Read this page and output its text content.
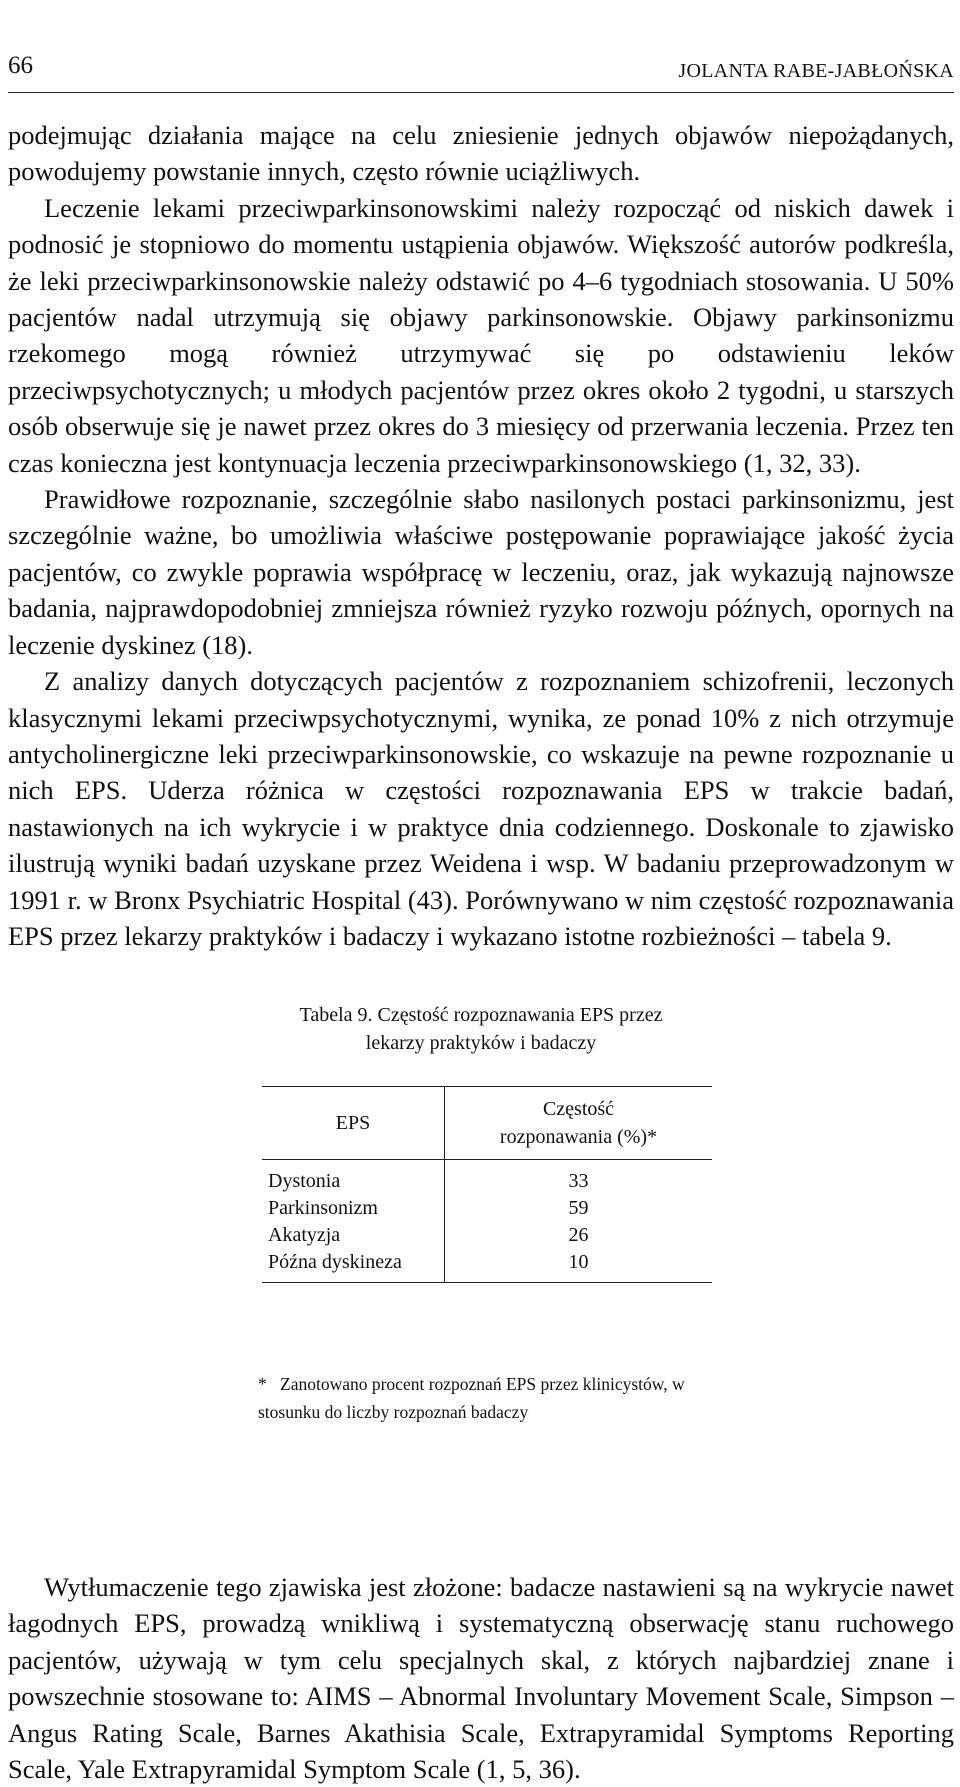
66	JOLANTA RABE-JABŁOŃSKA

podejmując działania mające na celu zniesienie jednych objawów niepożądanych, powodujemy powstanie innych, często równie uciążliwych.

Leczenie lekami przeciwparkinsonowskimi należy rozpocząć od niskich dawek i podnosić je stopniowo do momentu ustąpienia objawów. Większość autorów podkreśla, że leki przeciwparkinsonowskie należy odstawić po 4–6 tygodniach stosowania. U 50% pacjentów nadal utrzymują się objawy parkinsonowskie. Objawy parkinsonizmu rzekomego mogą również utrzymywać się po odstawieniu leków przeciwpsychotycznych; u młodych pacjentów przez okres około 2 tygodni, u starszych osób obserwuje się je nawet przez okres do 3 miesięcy od przerwania leczenia. Przez ten czas konieczna jest kontynuacja leczenia przeciwparkinsonowskiego (1, 32, 33).

Prawidłowe rozpoznanie, szczególnie słabo nasilonych postaci parkinsonizmu, jest szczególnie ważne, bo umożliwia właściwe postępowanie poprawiające jakość życia pacjentów, co zwykle poprawia współpracę w leczeniu, oraz, jak wykazują najnowsze badania, najprawdopodobniej zmniejsza również ryzyko rozwoju późnych, opornych na leczenie dyskinez (18).

Z analizy danych dotyczących pacjentów z rozpoznaniem schizofrenii, leczonych klasycznymi lekami przeciwpsychotycznymi, wynika, ze ponad 10% z nich otrzymuje antycholinergiczne leki przeciwparkinsonowskie, co wskazuje na pewne rozpoznanie u nich EPS. Uderza różnica w częstości rozpoznawania EPS w trakcie badań, nastawionych na ich wykrycie i w praktyce dnia codziennego. Doskonale to zjawisko ilustrują wyniki badań uzyskane przez Weidena i wsp. W badaniu przeprowadzonym w 1991 r. w Bronx Psychiatric Hospital (43). Porównywano w nim częstość rozpoznawania EPS przez lekarzy praktyków i badaczy i wykazano istotne rozbieżności – tabela 9.

Tabela 9. Częstość rozpoznawania EPS przez
lekarzy praktyków i badaczy

EPS	Częstość
rozponawania (%)*
Dystonia	33
Parkinsonizm	59
Akatyzja	26
Późna dyskineza	10

* Zanotowano procent rozpoznań EPS przez klinicystów, w stosunku do liczby rozpoznań badaczy

Wytłumaczenie tego zjawiska jest złożone: badacze nastawieni są na wykrycie nawet łagodnych EPS, prowadzą wnikliwą i systematyczną obserwację stanu ruchowego pacjentów, używają w tym celu specjalnych skal, z których najbardziej znane i powszechnie stosowane to: AIMS – Abnormal Involuntary Movement Scale, Simpson – Angus Rating Scale, Barnes Akathisia Scale, Extrapyramidal Symptoms Reporting Scale, Yale Extrapyramidal Symptom Scale (1, 5, 36).
